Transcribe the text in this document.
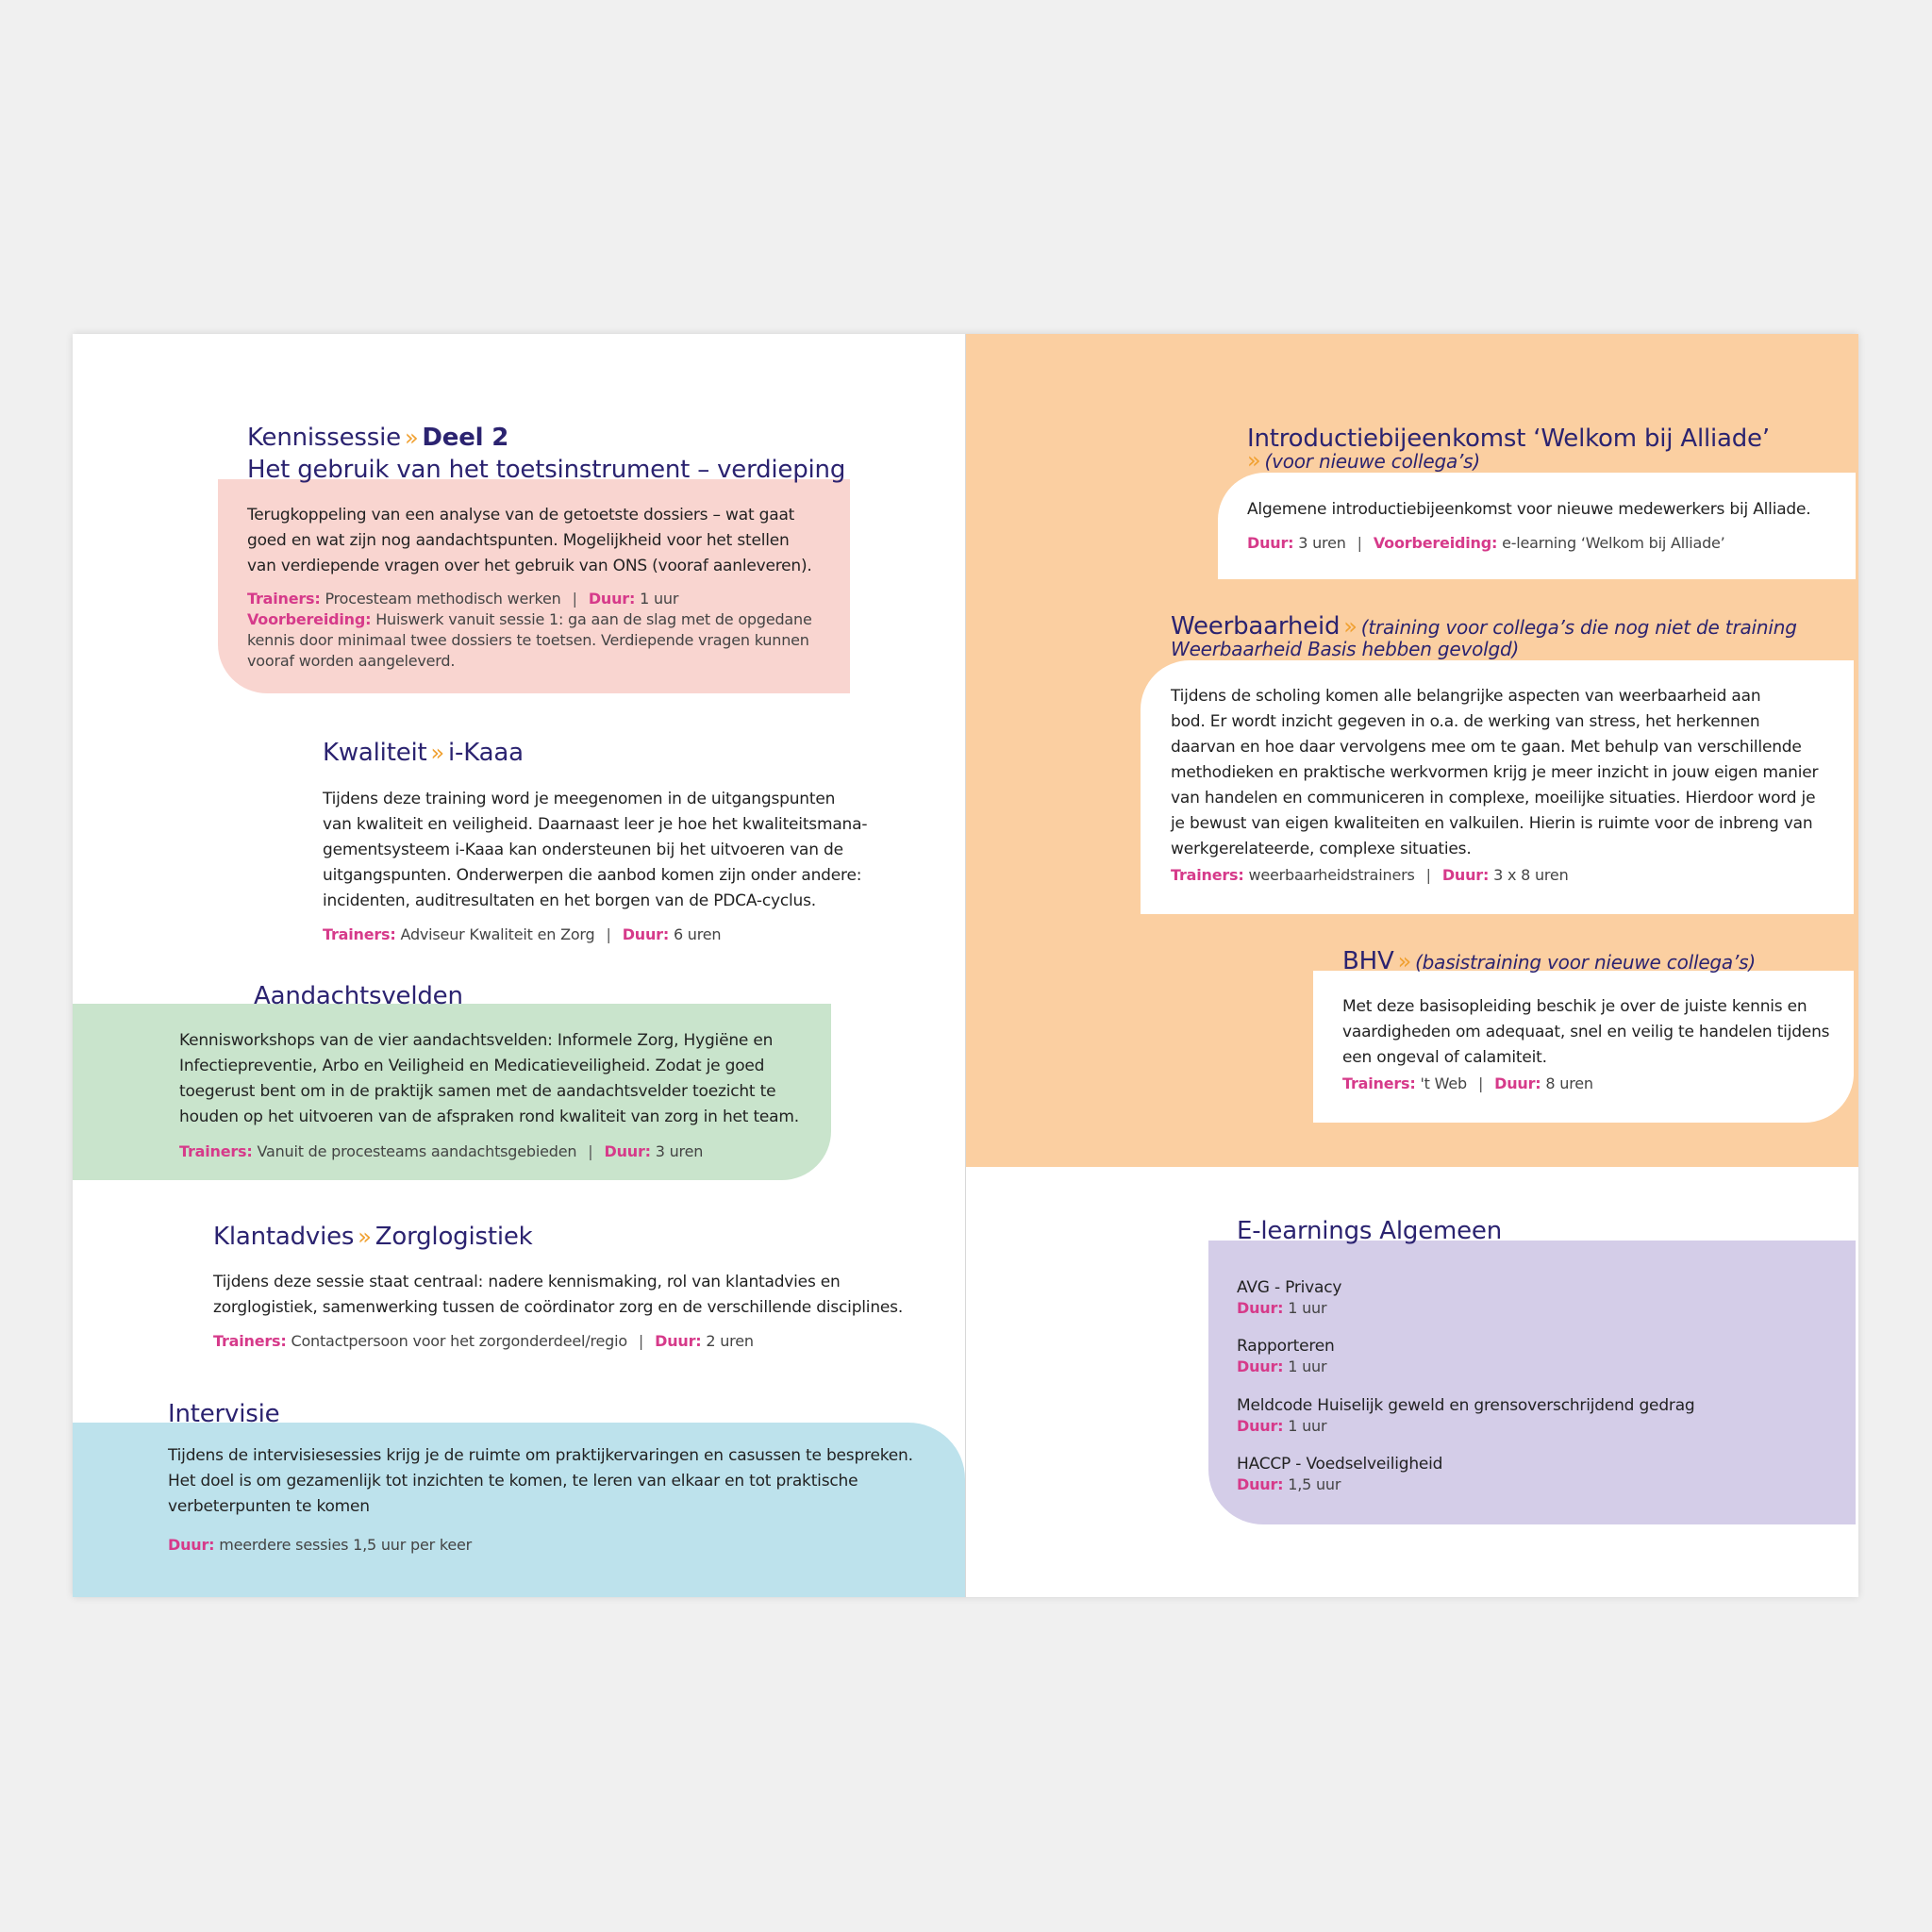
Kennissessie » Deel 2
Het gebruik van het toetsinstrument – verdieping
Terugkoppeling van een analyse van de getoetste dossiers – wat gaat
goed en wat zijn nog aandachtspunten. Mogelijkheid voor het stellen
van verdiepende vragen over het gebruik van ONS (vooraf aanleveren).
Trainers: Procesteam methodisch werken | Duur: 1 uur
Voorbereiding: Huiswerk vanuit sessie 1: ga aan de slag met de opgedane
kennis door minimaal twee dossiers te toetsen. Verdiepende vragen kunnen
vooraf worden aangeleverd.
Kwaliteit » i-Kaaa
Tijdens deze training word je meegenomen in de uitgangspunten
van kwaliteit en veiligheid. Daarnaast leer je hoe het kwaliteitsmana-
gementsysteem i-Kaaa kan ondersteunen bij het uitvoeren van de
uitgangspunten. Onderwerpen die aanbod komen zijn onder andere:
incidenten, auditresultaten en het borgen van de PDCA-cyclus.
Trainers: Adviseur Kwaliteit en Zorg | Duur: 6 uren
Aandachtsvelden
Kennisworkshops van de vier aandachtsvelden: Informele Zorg, Hygiëne en
Infectiepreventie, Arbo en Veiligheid en Medicatieveiligheid. Zodat je goed
toegerust bent om in de praktijk samen met de aandachtsvelder toezicht te
houden op het uitvoeren van de afspraken rond kwaliteit van zorg in het team.
Trainers: Vanuit de procesteams aandachtsgebieden | Duur: 3 uren
Klantadvies » Zorglogistiek
Tijdens deze sessie staat centraal: nadere kennismaking, rol van klantadvies en
zorglogistiek, samenwerking tussen de coördinator zorg en de verschillende disciplines.
Trainers: Contactpersoon voor het zorgonderdeel/regio | Duur: 2 uren
Intervisie
Tijdens de intervisiesessies krijg je de ruimte om praktijkervaringen en casussen te bespreken.
Het doel is om gezamenlijk tot inzichten te komen, te leren van elkaar en tot praktische
verbeterpunten te komen
Duur: meerdere sessies 1,5 uur per keer
Introductiebijeenkomst ‘Welkom bij Alliade’
» (voor nieuwe collega’s)
Algemene introductiebijeenkomst voor nieuwe medewerkers bij Alliade.
Duur: 3 uren | Voorbereiding: e-learning ‘Welkom bij Alliade’
Weerbaarheid » (training voor collega’s die nog niet de training
Weerbaarheid Basis hebben gevolgd)
Tijdens de scholing komen alle belangrijke aspecten van weerbaarheid aan
bod. Er wordt inzicht gegeven in o.a. de werking van stress, het herkennen
daarvan en hoe daar vervolgens mee om te gaan. Met behulp van verschillende
methodieken en praktische werkvormen krijg je meer inzicht in jouw eigen manier
van handelen en communiceren in complexe, moeilijke situaties. Hierdoor word je
je bewust van eigen kwaliteiten en valkuilen. Hierin is ruimte voor de inbreng van
werkgerelateerde, complexe situaties.
Trainers: weerbaarheidstrainers | Duur: 3 x 8 uren
BHV » (basistraining voor nieuwe collega’s)
Met deze basisopleiding beschik je over de juiste kennis en
vaardigheden om adequaat, snel en veilig te handelen tijdens
een ongeval of calamiteit.
Trainers: 't Web | Duur: 8 uren
E-learnings Algemeen
AVG - Privacy
Duur: 1 uur
Rapporteren
Duur: 1 uur
Meldcode Huiselijk geweld en grensoverschrijdend gedrag
Duur: 1 uur
HACCP - Voedselveiligheid
Duur: 1,5 uur
